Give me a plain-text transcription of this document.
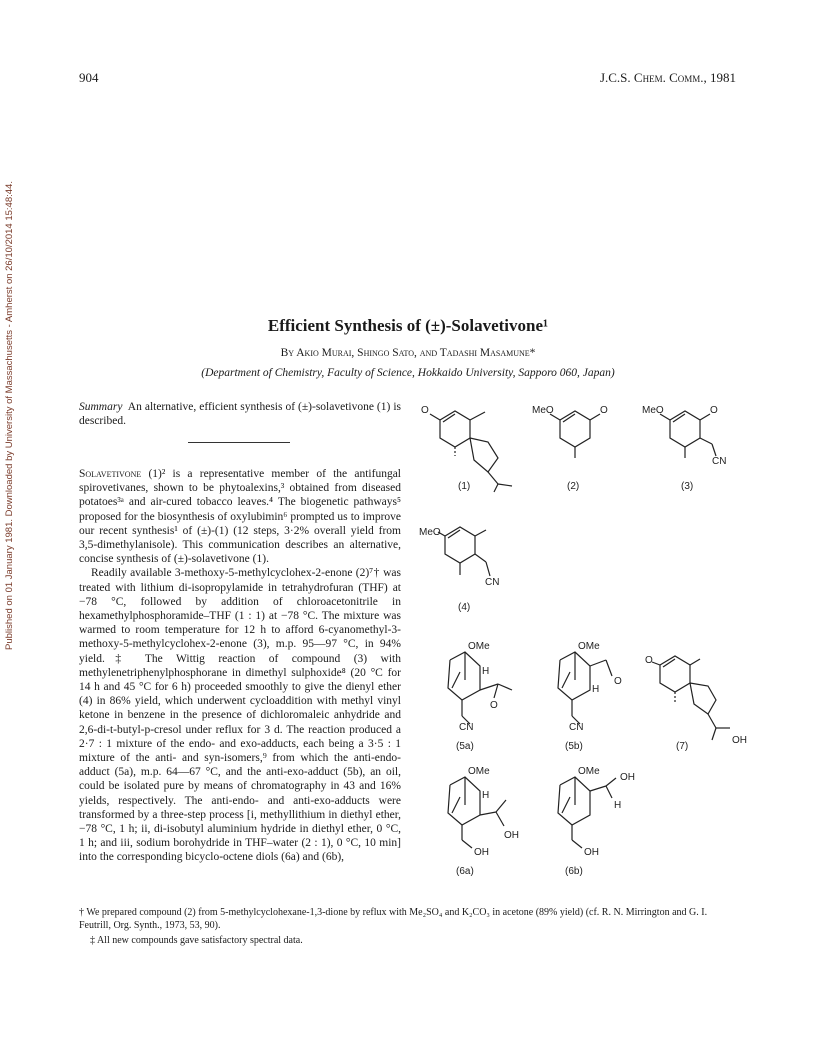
904	J.C.S. Chem. Comm., 1981
Published on 01 January 1981. Downloaded by University of Massachusetts - Amherst on 26/10/2014 15:48:44.	Efficient Synthesis of (±)-Solavetivone¹
By Akio Murai, Shingo Sato, and Tadashi Masamune*
(Department of Chemistry, Faculty of Science, Hokkaido University, Sapporo 060, Japan)
Summary An alternative, efficient synthesis of (±)-solavetivone (1) is described.

Solavetivone (1)² is a representative member of the antifungal spirovetivanes, shown to be phytoalexins,³ obtained from diseased potatoes³ᵃ and air-cured tobacco leaves.⁴ The biogenetic pathways⁵ proposed for the biosynthesis of oxylubimin⁶ prompted us to improve our recent synthesis¹ of (±)-(1) (12 steps, 3·2% overall yield from 3,5-dimethylanisole). This communication describes an alternative, concise synthesis of (±)-solavetivone (1).

Readily available 3-methoxy-5-methylcyclohex-2-enone (2)⁷† was treated with lithium di-isopropylamide in tetrahydrofuran (THF) at −78 °C, followed by addition of chloroacetonitrile in hexamethylphosphoramide–THF (1 : 1) at −78 °C. The mixture was warmed to room temperature for 12 h to afford 6-cyanomethyl-3-methoxy-5-methylcyclohex-2-enone (3), m.p. 95—97 °C, in 94% yield.‡ The Wittig reaction of compound (3) with methylenetriphenylphosphorane in dimethyl sulphoxide⁸ (20 °C for 14 h and 45 °C for 6 h) proceeded smoothly to give the dienyl ether (4) in 86% yield, which underwent cycloaddition with methyl vinyl ketone in benzene in the presence of dichloromaleic anhydride and 2,6-di-t-butyl-p-cresol under reflux for 3 d. The reaction produced a 2·7 : 1 mixture of the endo- and exo-adducts, each being a 3·5 : 1 mixture of the anti- and syn-isomers,⁹ from which the anti-endo-adduct (5a), m.p. 64—67 °C, and the anti-exo-adduct (5b), an oil, could be isolated pure by means of chromatography in 43 and 16% yields, respectively. The anti-endo- and anti-exo-adducts were transformed by a three-step process [i, methyllithium in diethyl ether, −78 °C, 1 h; ii, di-isobutyl aluminium hydride in diethyl ether, 0 °C, 1 h; and iii, sodium borohydride in THF–water (2 : 1), 0 °C, 10 min] into the corresponding bicyclo-octene diols (6a) and (6b),

† We prepared compound (2) from 5-methylcyclohexane-1,3-dione by reflux with Me₂SO₄ and K₂CO₃ in acetone (89% yield) (cf. R. N. Mirrington and G. I. Feutrill, Org. Synth., 1973, 53, 90).
‡ All new compounds gave satisfactory spectral data.
O	MeO	O	MeO	O
CN
MeO
CN
OMe
H
O
CN
OMe
H
O
CN
O
OH
OMe
H
OH
OH
OMe
OH
H
OH
(1)	(2)	(3)
(4)
(5a)	(5b)	(7)
(6a)	(6b)
